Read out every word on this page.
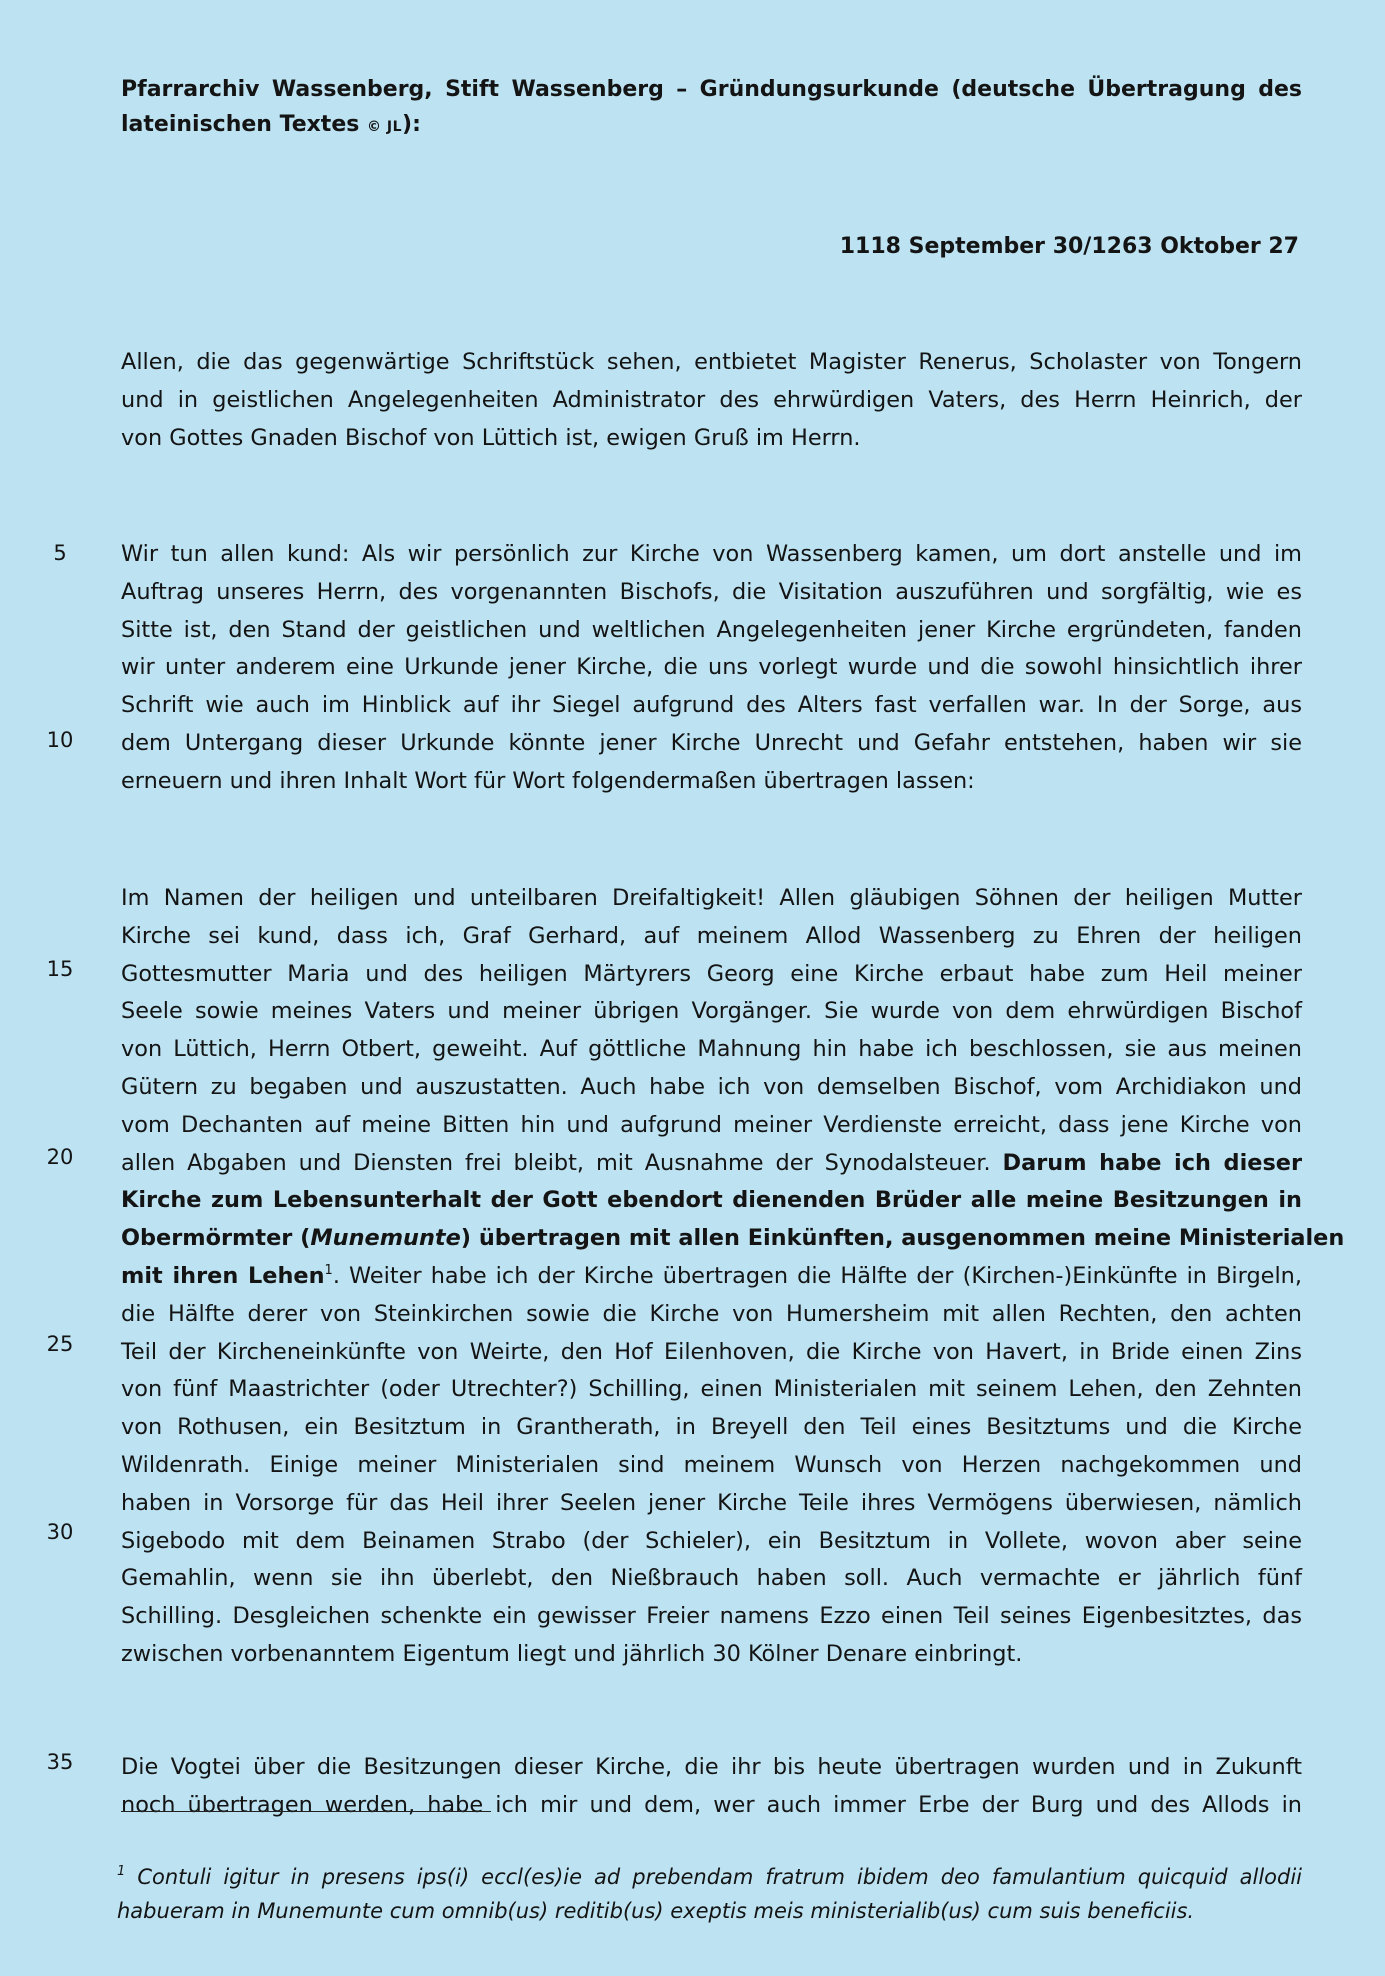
Pfarrarchiv Wassenberg, Stift Wassenberg – Gründungsurkunde (deutsche Übertragung des lateinischen Textes © JL):
1118 September 30/1263 Oktober 27
5
10
15
20
25
30
35
Allen, die das gegenwärtige Schriftstück sehen, entbietet Magister Renerus, Scholaster von Tongern
und in geistlichen Angelegenheiten Administrator des ehrwürdigen Vaters, des Herrn Heinrich, der
von Gottes Gnaden Bischof von Lüttich ist, ewigen Gruß im Herrn.
Wir tun allen kund: Als wir persönlich zur Kirche von Wassenberg kamen, um dort anstelle und im
Auftrag unseres Herrn, des vorgenannten Bischofs, die Visitation auszuführen und sorgfältig, wie es
Sitte ist, den Stand der geistlichen und weltlichen Angelegenheiten jener Kirche ergründeten, fanden
wir unter anderem eine Urkunde jener Kirche, die uns vorlegt wurde und die sowohl hinsichtlich ihrer
Schrift wie auch im Hinblick auf ihr Siegel aufgrund des Alters fast verfallen war. In der Sorge, aus
dem Untergang dieser Urkunde könnte jener Kirche Unrecht und Gefahr entstehen, haben wir sie
erneuern und ihren Inhalt Wort für Wort folgendermaßen übertragen lassen:
Im Namen der heiligen und unteilbaren Dreifaltigkeit! Allen gläubigen Söhnen der heiligen Mutter
Kirche sei kund, dass ich, Graf Gerhard, auf meinem Allod Wassenberg zu Ehren der heiligen
Gottesmutter Maria und des heiligen Märtyrers Georg eine Kirche erbaut habe zum Heil meiner
Seele sowie meines Vaters und meiner übrigen Vorgänger. Sie wurde von dem ehrwürdigen Bischof
von Lüttich, Herrn Otbert, geweiht. Auf göttliche Mahnung hin habe ich beschlossen, sie aus meinen
Gütern zu begaben und auszustatten. Auch habe ich von demselben Bischof, vom Archidiakon und
vom Dechanten auf meine Bitten hin und aufgrund meiner Verdienste erreicht, dass jene Kirche von
allen Abgaben und Diensten frei bleibt, mit Ausnahme der Synodalsteuer. Darum habe ich dieser
Kirche zum Lebensunterhalt der Gott ebendort dienenden Brüder alle meine Besitzungen in
Obermörmter (Munemunte) übertragen mit allen Einkünften, ausgenommen meine Ministerialen
mit ihren Lehen$^1$. Weiter habe ich der Kirche übertragen die Hälfte der (Kirchen-)Einkünfte in Birgeln,
die Hälfte derer von Steinkirchen sowie die Kirche von Humersheim mit allen Rechten, den achten
Teil der Kircheneinkünfte von Weirte, den Hof Eilenhoven, die Kirche von Havert, in Bride einen Zins
von fünf Maastrichter (oder Utrechter?) Schilling, einen Ministerialen mit seinem Lehen, den Zehnten
von Rothusen, ein Besitztum in Grantherath, in Breyell den Teil eines Besitztums und die Kirche
Wildenrath. Einige meiner Ministerialen sind meinem Wunsch von Herzen nachgekommen und
haben in Vorsorge für das Heil ihrer Seelen jener Kirche Teile ihres Vermögens überwiesen, nämlich
Sigebodo mit dem Beinamen Strabo (der Schieler), ein Besitztum in Vollete, wovon aber seine
Gemahlin, wenn sie ihn überlebt, den Nießbrauch haben soll. Auch vermachte er jährlich fünf
Schilling. Desgleichen schenkte ein gewisser Freier namens Ezzo einen Teil seines Eigenbesitztes, das
zwischen vorbenanntem Eigentum liegt und jährlich 30 Kölner Denare einbringt.
Die Vogtei über die Besitzungen dieser Kirche, die ihr bis heute übertragen wurden und in Zukunft
noch übertragen werden, habe ich mir und dem, wer auch immer Erbe der Burg und des Allods in
$^1$ Contuli igitur in presens ips(i) eccl(es)ie ad prebendam fratrum ibidem deo famulantium quicquid allodii
habueram in Munemunte cum omnib(us) reditib(us) exeptis meis ministerialib(us) cum suis beneficiis.
